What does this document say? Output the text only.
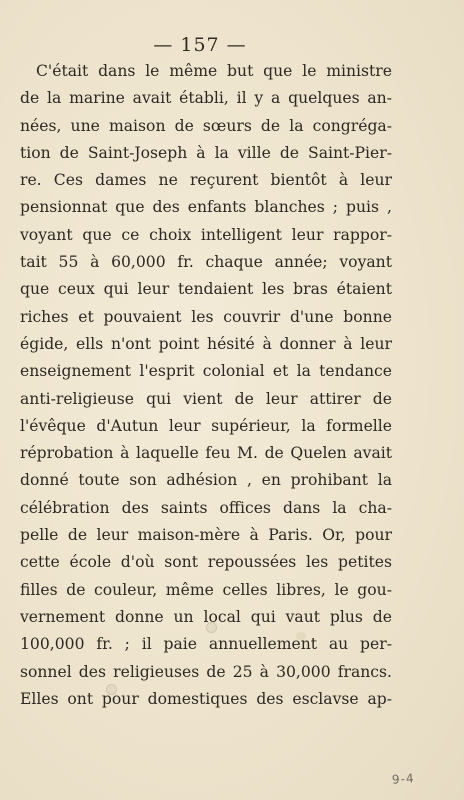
— 157 —
C'était dans le même but que le ministre
de la marine avait établi, il y a quelques an-
nées, une maison de sœurs de la congréga-
tion de Saint-Joseph à la ville de Saint-Pier-
re. Ces dames ne reçurent bientôt à leur
pensionnat que des enfants blanches ; puis ,
voyant que ce choix intelligent leur rappor-
tait 55 à 60,000 fr. chaque année; voyant
que ceux qui leur tendaient les bras étaient
riches et pouvaient les couvrir d'une bonne
égide, ells n'ont point hésité à donner à leur
enseignement l'esprit colonial et la tendance
anti-religieuse qui vient de leur attirer de
l'évêque d'Autun leur supérieur, la formelle
réprobation à laquelle feu M. de Quelen avait
donné toute son adhésion , en prohibant la
célébration des saints offices dans la cha-
pelle de leur maison-mère à Paris. Or, pour
cette école d'où sont repoussées les petites
filles de couleur, même celles libres, le gou-
vernement donne un local qui vaut plus de
100,000 fr. ; il paie annuellement au per-
sonnel des religieuses de 25 à 30,000 francs.
Elles ont pour domestiques des esclavse ap-
9-4
